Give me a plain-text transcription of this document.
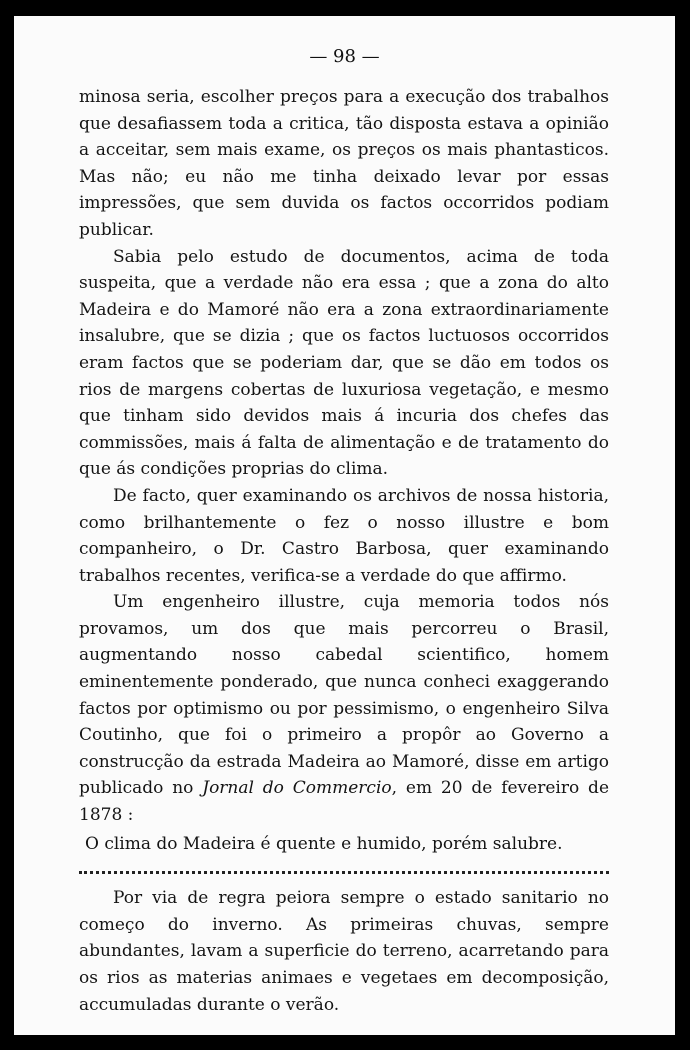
— 98 —

minosa seria, escolher preços para a execução dos trabalhos que desafiassem toda a critica, tão disposta estava a opinião a acceitar, sem mais exame, os preços os mais phantasticos. Mas não; eu não me tinha deixado levar por essas impressões, que sem duvida os factos occorridos podiam publicar.

Sabia pelo estudo de documentos, acima de toda suspeita, que a verdade não era essa ; que a zona do alto Madeira e do Mamoré não era a zona extraordinariamente insalubre, que se dizia ; que os factos luctuosos occorridos eram factos que se poderiam dar, que se dão em todos os rios de margens cobertas de luxuriosa vegetação, e mesmo que tinham sido devidos mais á incuria dos chefes das commissões, mais á falta de alimentação e de tratamento do que ás condições proprias do clima.

De facto, quer examinando os archivos de nossa historia, como brilhantemente o fez o nosso illustre e bom companheiro, o Dr. Castro Barbosa, quer examinando trabalhos recentes, verifica-se a verdade do que affirmo.

Um engenheiro illustre, cuja memoria todos nós provamos, um dos que mais percorreu o Brasil, augmentando nosso cabedal scientifico, homem eminentemente ponderado, que nunca conheci exaggerando factos por optimismo ou por pessimismo, o engenheiro Silva Coutinho, que foi o primeiro a propôr ao Governo a construcção da estrada Madeira ao Mamoré, disse em artigo publicado no Jornal do Commercio, em 20 de fevereiro de 1878 :

O clima do Madeira é quente e humido, porém salubre.

Por via de regra peiora sempre o estado sanitario no começo do inverno. As primeiras chuvas, sempre abundantes, lavam a superficie do terreno, acarretando para os rios as materias animaes e vegetaes em decomposição, accumuladas durante o verão.
